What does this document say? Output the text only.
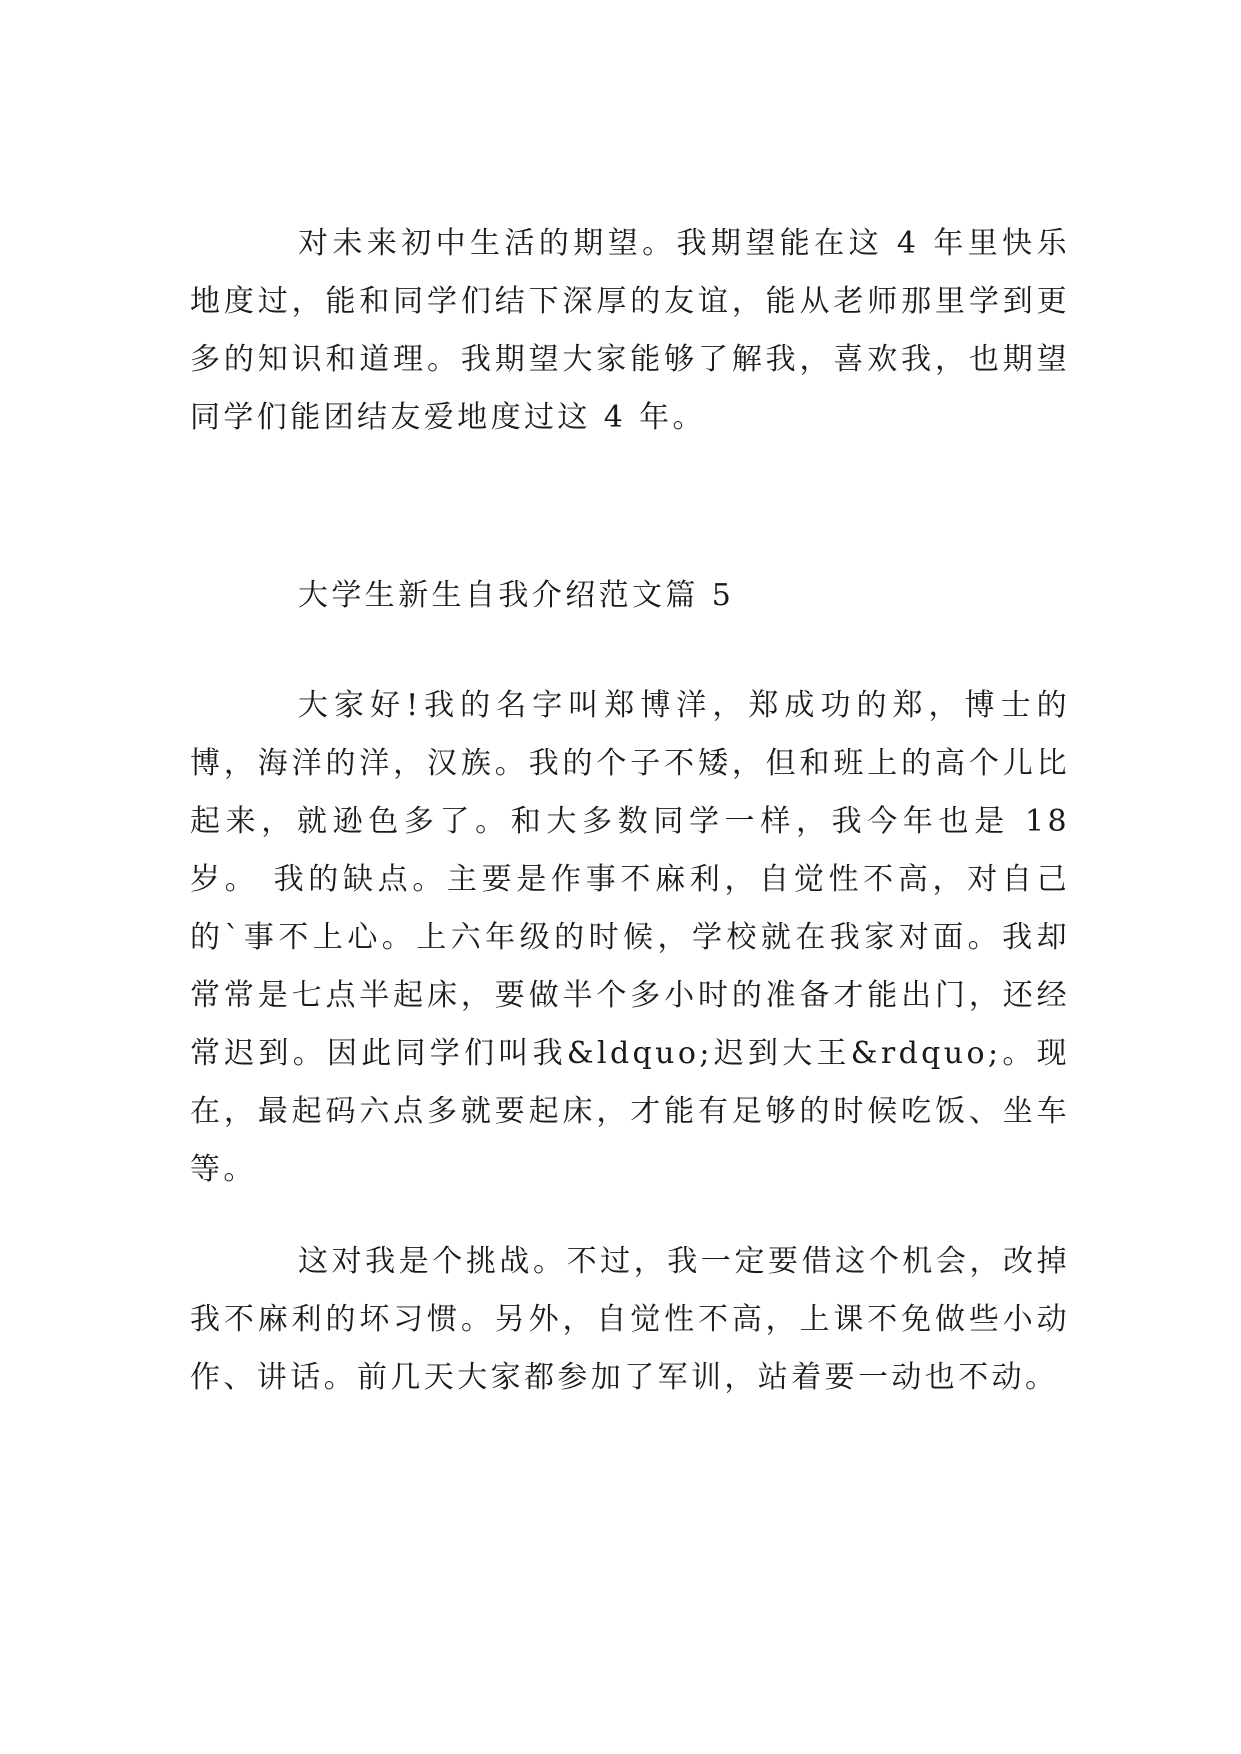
对未来初中生活的期望。我期望能在这 4 年里快乐地度过，能和同学们结下深厚的友谊，能从老师那里学到更多的知识和道理。我期望大家能够了解我，喜欢我，也期望同学们能团结友爱地度过这 4 年。

大学生新生自我介绍范文篇 5

大家好!我的名字叫郑博洋，郑成功的郑，博士的博，海洋的洋，汉族。我的个子不矮，但和班上的高个儿比起来，就逊色多了。和大多数同学一样，我今年也是 18 岁。 我的缺点。主要是作事不麻利，自觉性不高，对自己的`事不上心。上六年级的时候，学校就在我家对面。我却常常是七点半起床，要做半个多小时的准备才能出门，还经常迟到。因此同学们叫我&ldquo;迟到大王&rdquo;。现在，最起码六点多就要起床，才能有足够的时候吃饭、坐车等。

这对我是个挑战。不过，我一定要借这个机会，改掉我不麻利的坏习惯。另外，自觉性不高，上课不免做些小动作、讲话。前几天大家都参加了军训，站着要一动也不动。
